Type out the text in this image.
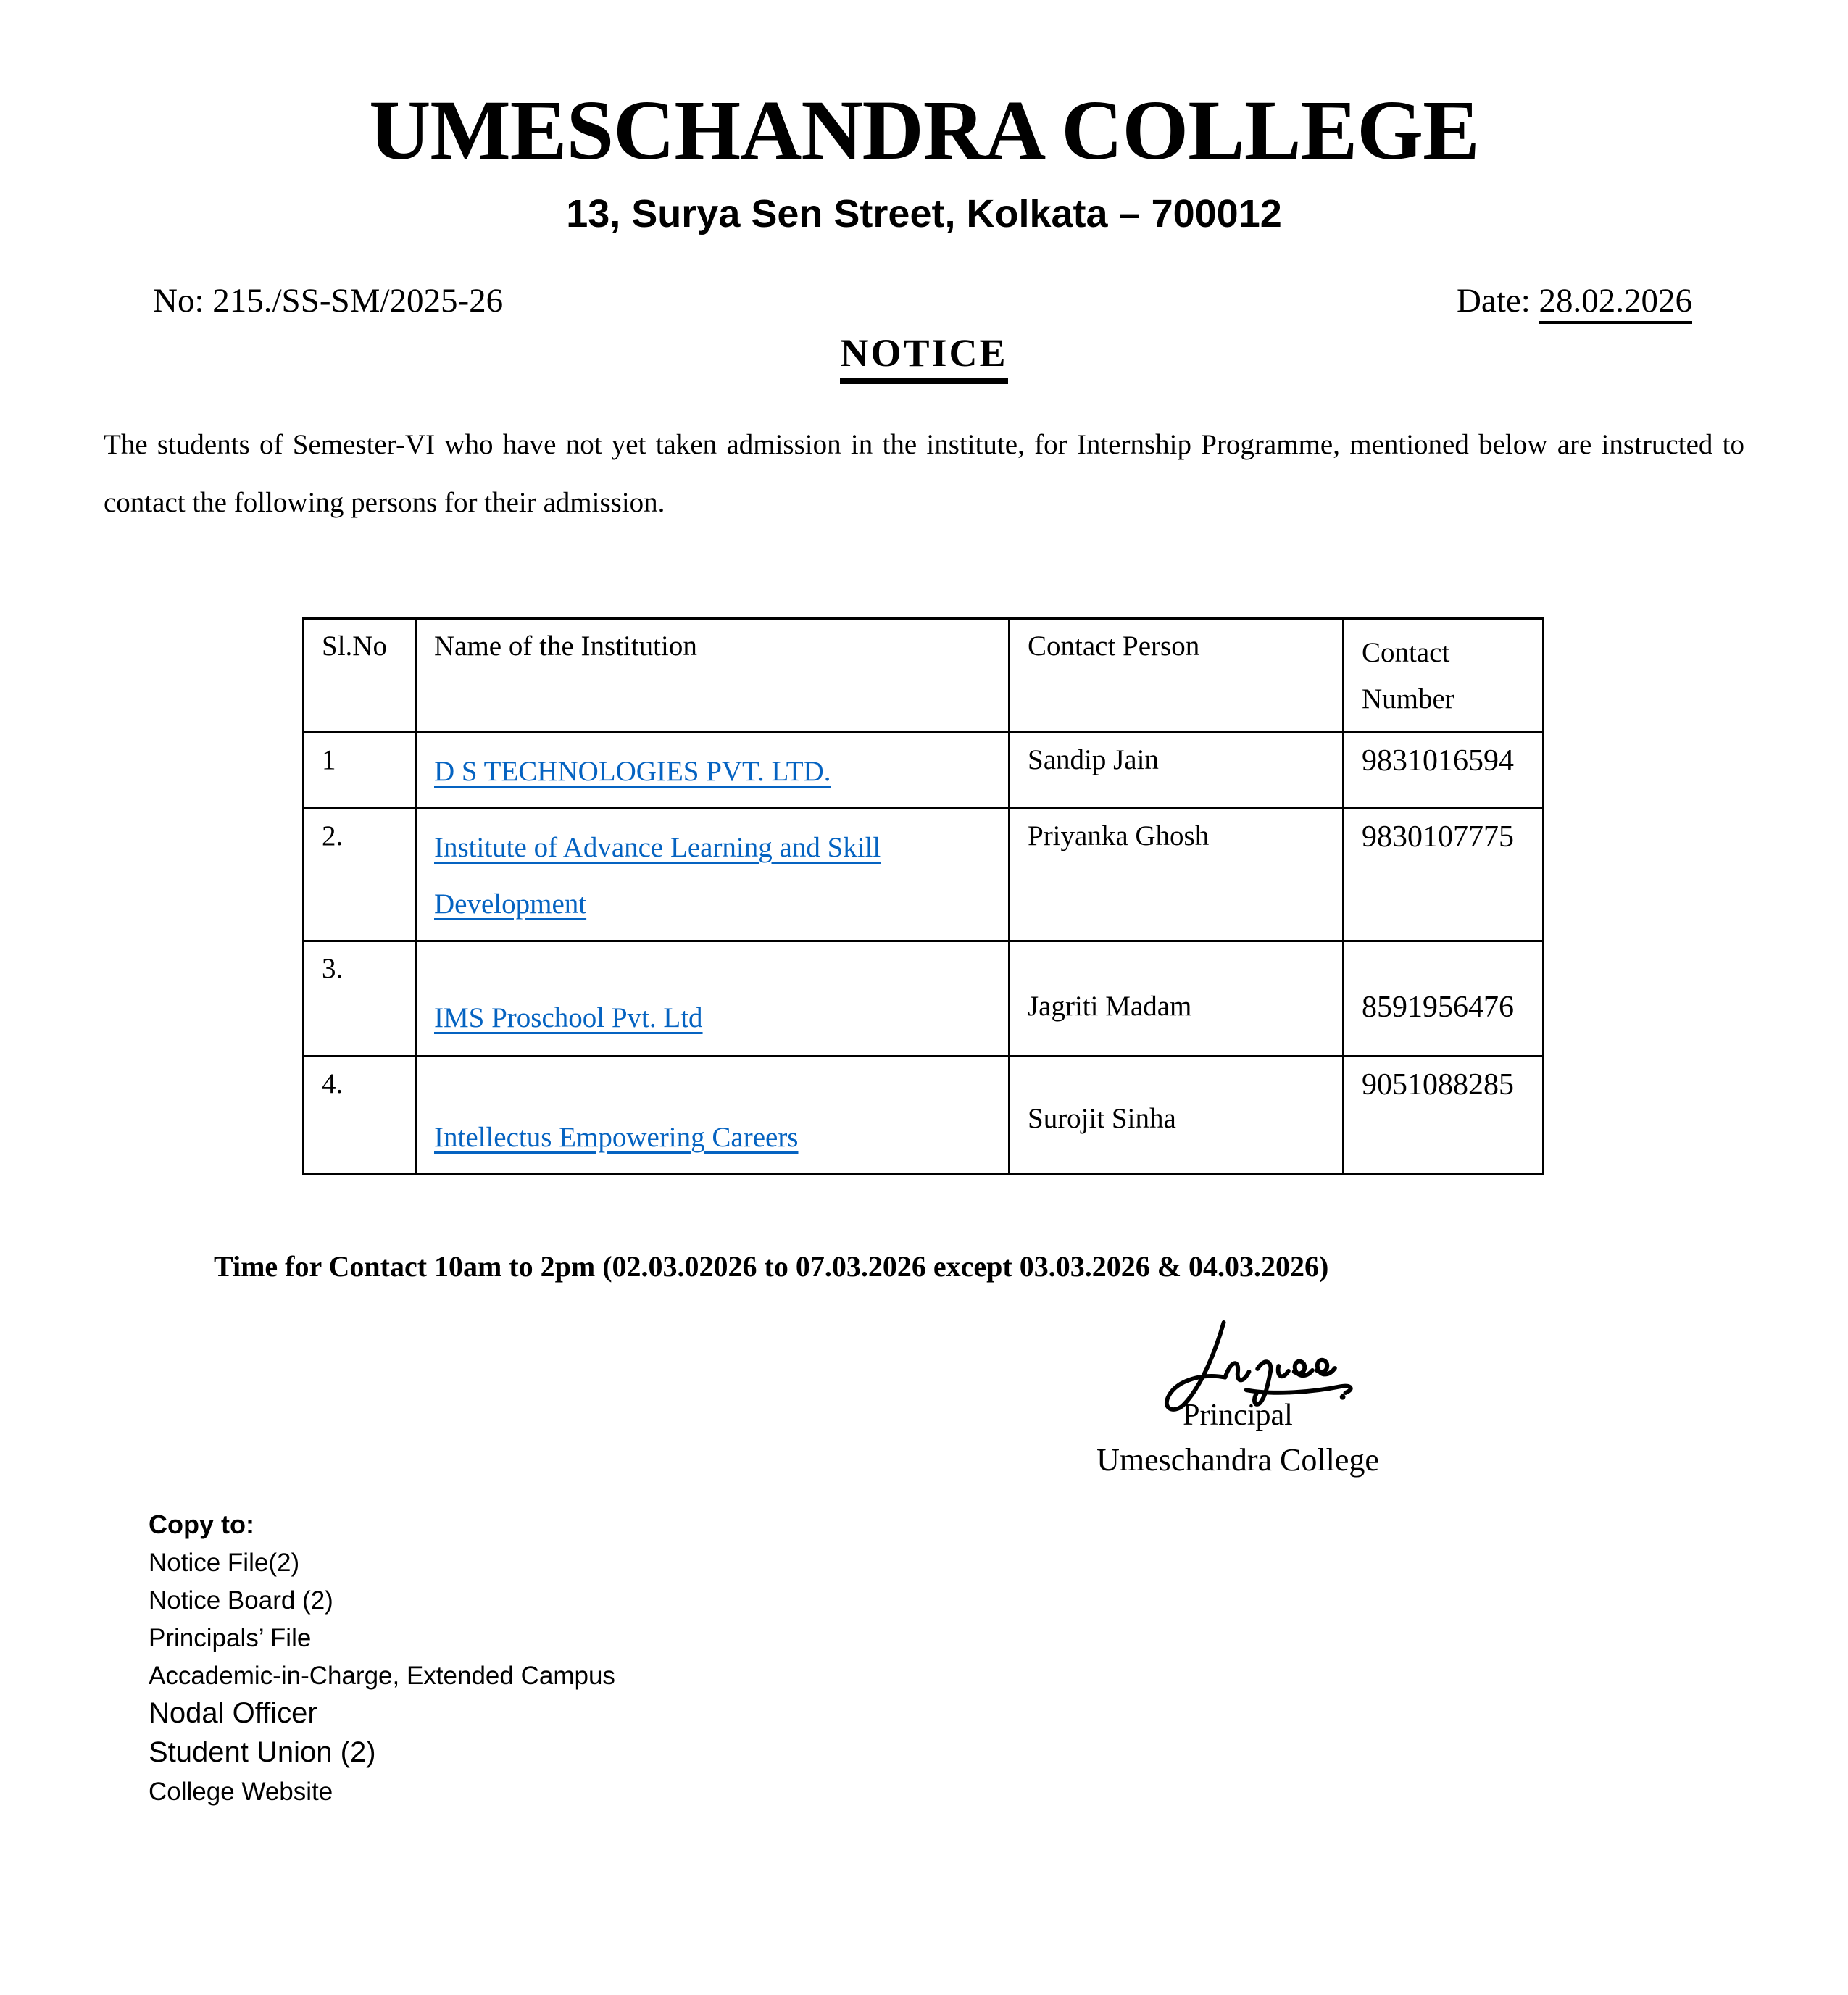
UMESCHANDRA COLLEGE
13, Surya Sen Street, Kolkata – 700012
No: 215./SS-SM/2025-26	Date: 28.02.2026
NOTICE

The students of Semester-VI who have not yet taken admission in the institute, for Internship Programme, mentioned below are instructed to contact the following persons for their admission.

Sl.No	Name of the Institution	Contact Person	Contact Number
1	D S TECHNOLOGIES PVT. LTD.	Sandip Jain	9831016594

2.	Institute of Advance Learning and Skill Development	Priyanka Ghosh	9830107775

3.	IMS Proschool Pvt. Ltd	Jagriti Madam	8591956476

4.	Intellectus Empowering Careers	Surojit Sinha	9051088285
Time for Contact 10am to 2pm (02.03.02026 to 07.03.2026 except 03.03.2026 & 04.03.2026)
Principal
Umeschandra College
Copy to:
Notice File(2)
Notice Board (2)
Principals’ File
Accademic-in-Charge, Extended Campus
Nodal Officer
Student Union (2)
College Website
